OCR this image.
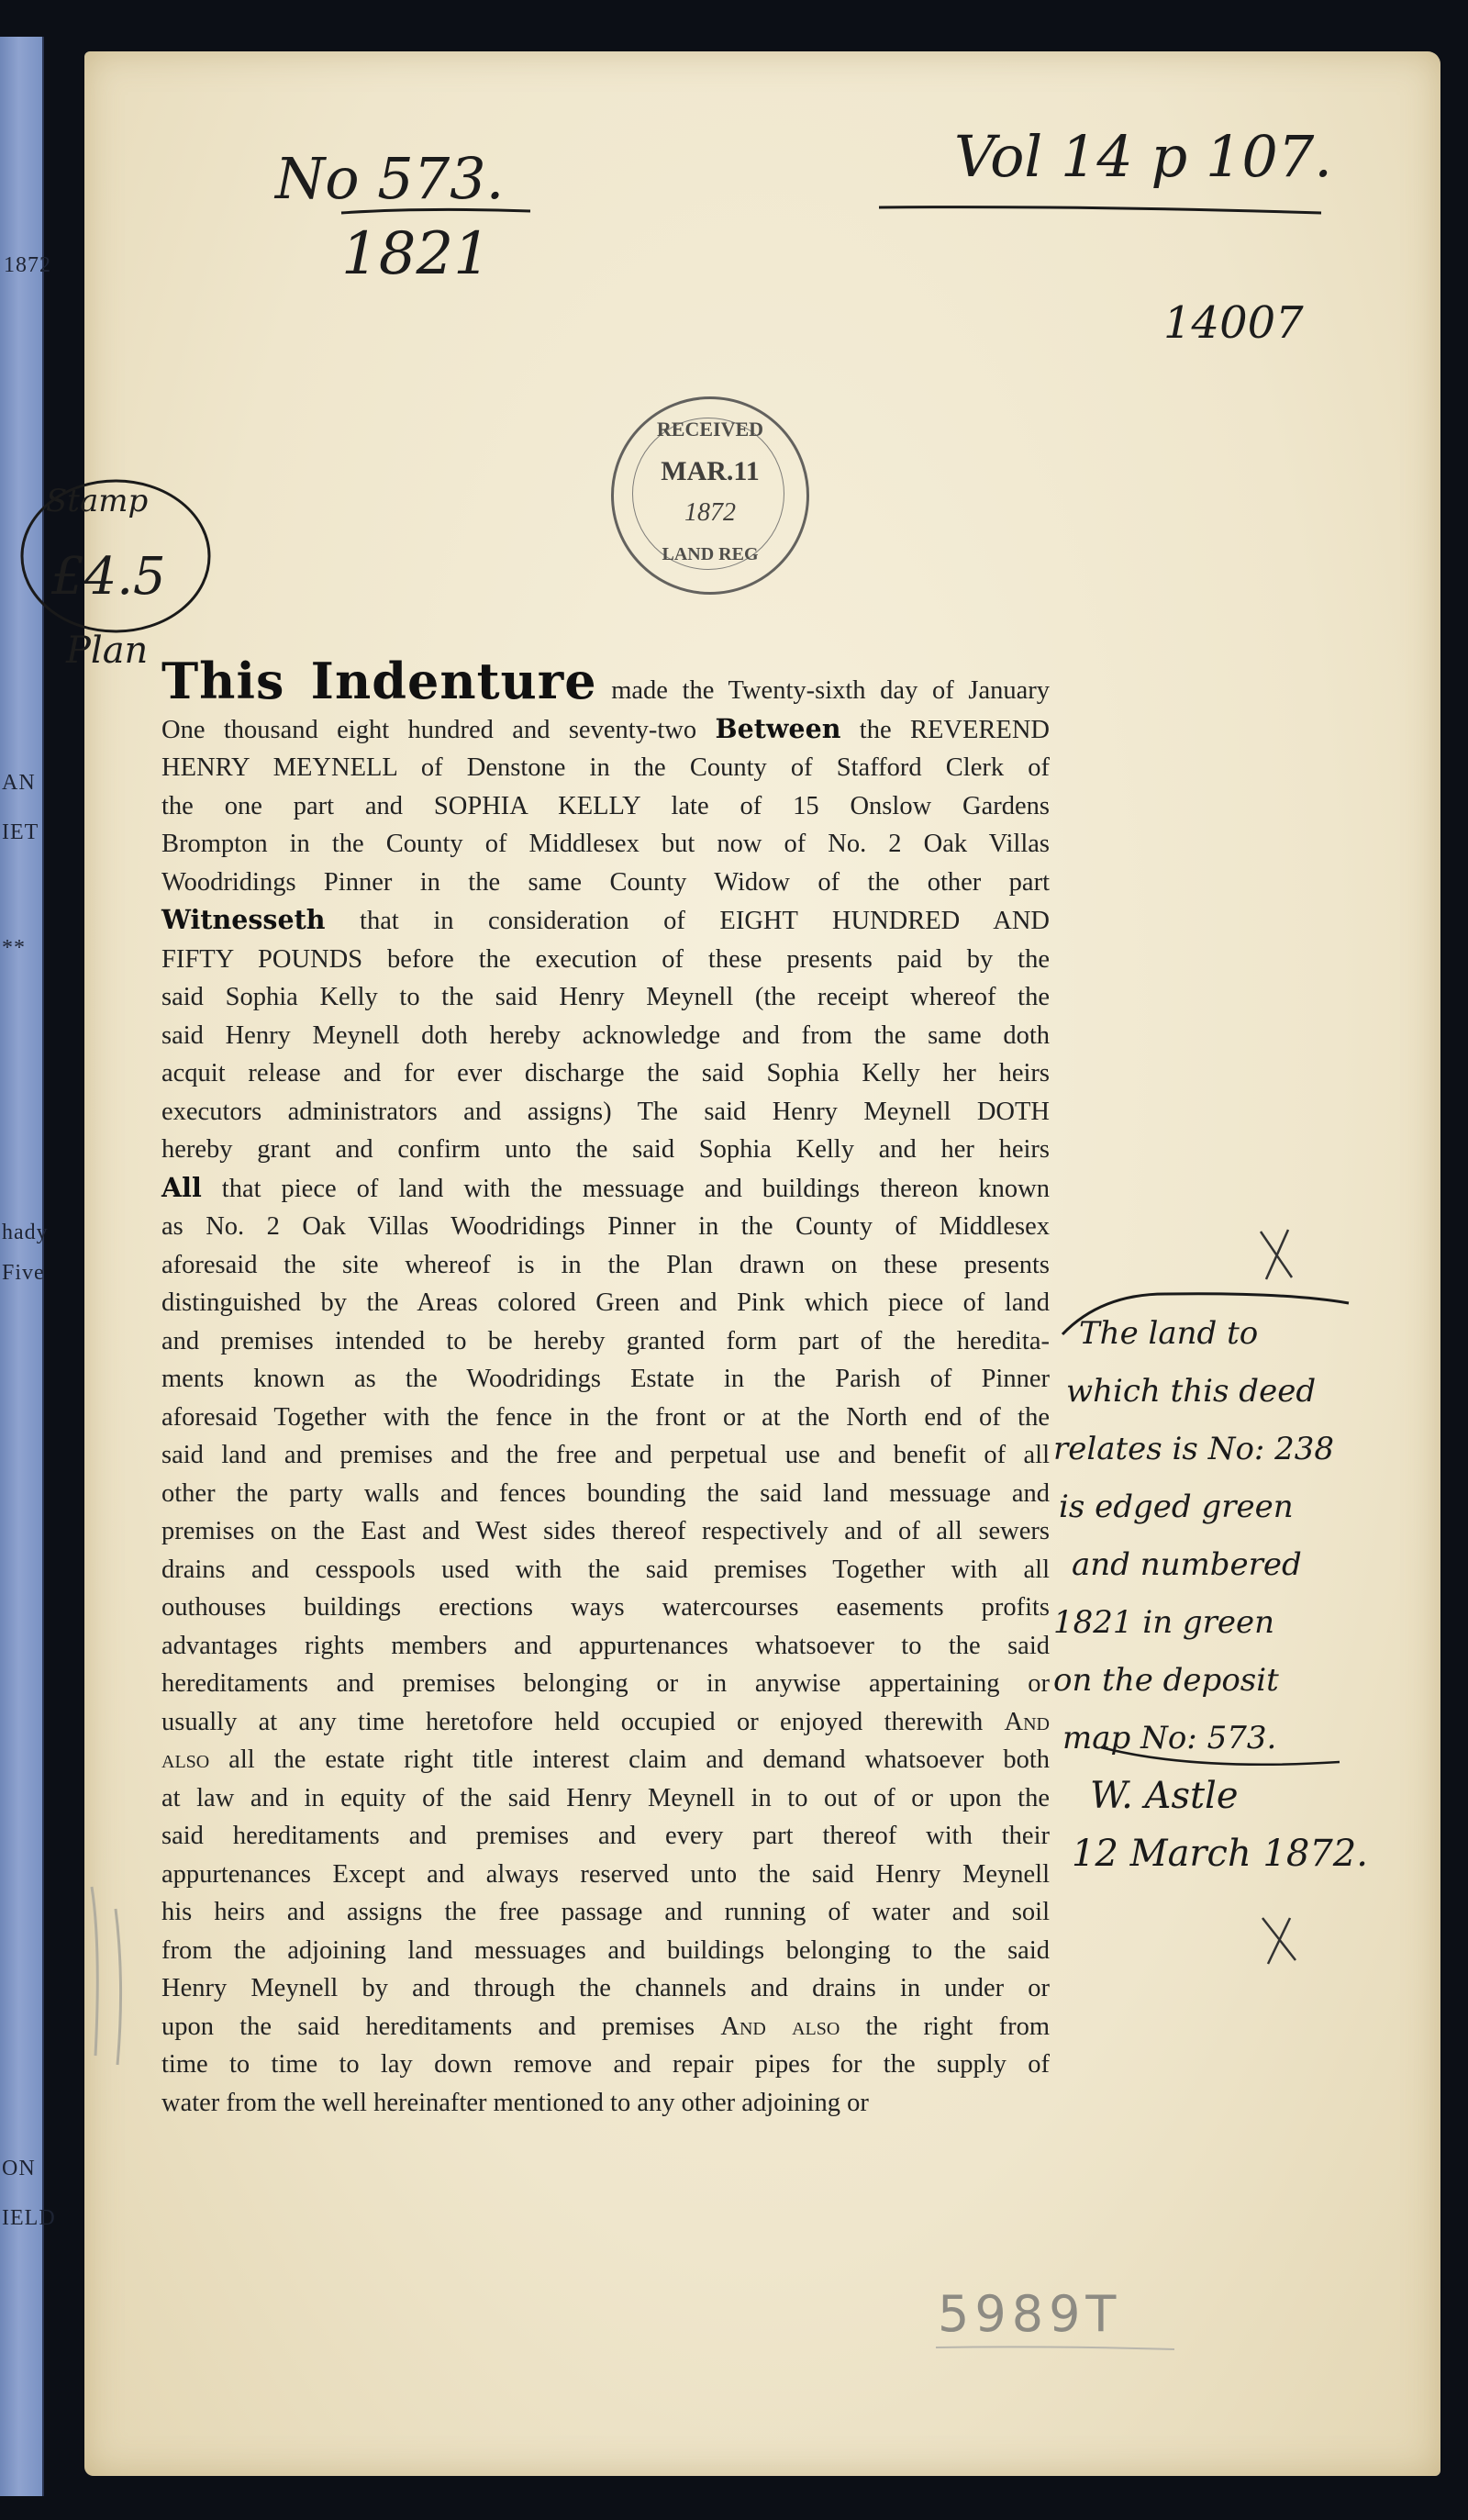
1872
AN
IET
**
hady
Five
ON
IELD
No 573.
1821
Vol 14 p 107.
14007
RECEIVED
MAR.11
1872
LAND REG
Stamp
£4.5
Plan
This Indenture made the Twenty-sixth day of January
One thousand eight hundred and seventy-two Between the REVEREND
HENRY MEYNELL of Denstone in the County of Stafford Clerk of
the one part and SOPHIA KELLY late of 15 Onslow Gardens
Brompton in the County of Middlesex but now of No. 2 Oak Villas
Woodridings Pinner in the same County Widow of the other part
Witnesseth that in consideration of EIGHT HUNDRED AND
FIFTY POUNDS before the execution of these presents paid by the
said Sophia Kelly to the said Henry Meynell (the receipt whereof the
said Henry Meynell doth hereby acknowledge and from the same doth
acquit release and for ever discharge the said Sophia Kelly her heirs
executors administrators and assigns) The said Henry Meynell DOTH
hereby grant and confirm unto the said Sophia Kelly and her heirs
All that piece of land with the messuage and buildings thereon known
as No. 2 Oak Villas Woodridings Pinner in the County of Middlesex
aforesaid the site whereof is in the Plan drawn on these presents
distinguished by the Areas colored Green and Pink which piece of land
and premises intended to be hereby granted form part of the heredita-
ments known as the Woodridings Estate in the Parish of Pinner
aforesaid Together with the fence in the front or at the North end of the
said land and premises and the free and perpetual use and benefit of all
other the party walls and fences bounding the said land messuage and
premises on the East and West sides thereof respectively and of all sewers
drains and cesspools used with the said premises Together with all
outhouses buildings erections ways watercourses easements profits
advantages rights members and appurtenances whatsoever to the said
hereditaments and premises belonging or in anywise appertaining or
usually at any time heretofore held occupied or enjoyed therewith And
also all the estate right title interest claim and demand whatsoever both
at law and in equity of the said Henry Meynell in to out of or upon the
said hereditaments and premises and every part thereof with their
appurtenances Except and always reserved unto the said Henry Meynell
his heirs and assigns the free passage and running of water and soil
from the adjoining land messuages and buildings belonging to the said
Henry Meynell by and through the channels and drains in under or
upon the said hereditaments and premises And also the right from
time to time to lay down remove and repair pipes for the supply of
water from the well hereinafter mentioned to any other adjoining or
The land to
which this deed
relates is No: 238
is edged green
and numbered
1821 in green
on the deposit
map No: 573.
W. Astle
12 March 1872.
5989T
